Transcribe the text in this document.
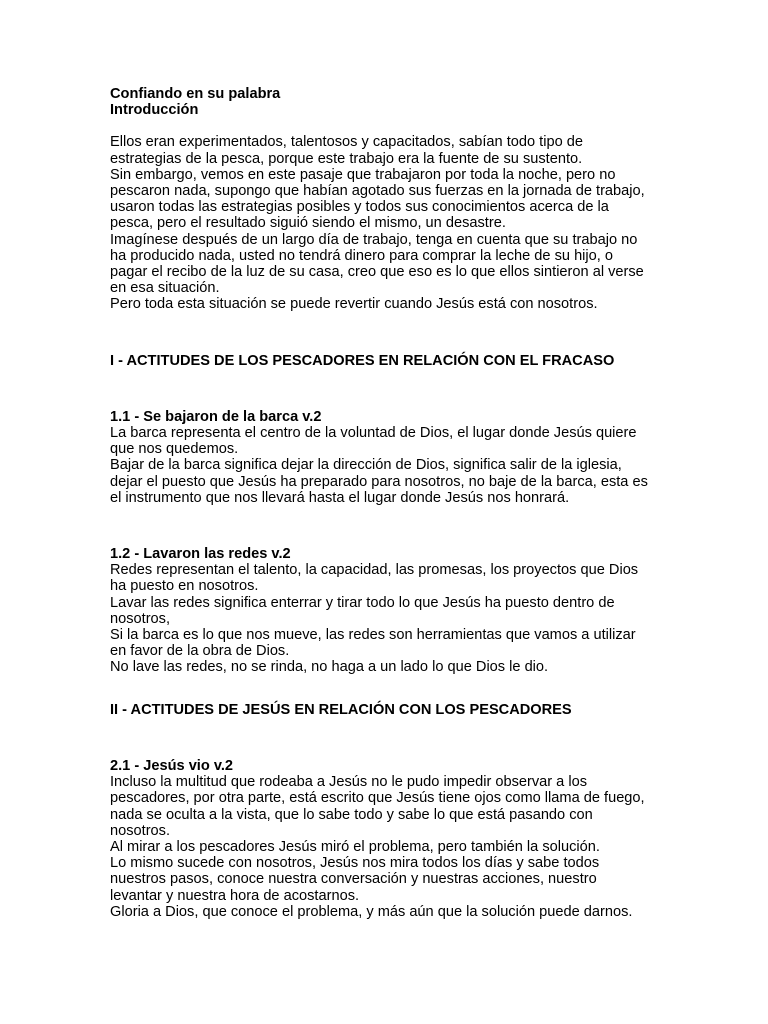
Confiando en su palabra
Introducción
Ellos eran experimentados, talentosos y capacitados, sabían todo tipo de
estrategias de la pesca, porque este trabajo era la fuente de su sustento.
Sin embargo, vemos en este pasaje que trabajaron por toda la noche, pero no
pescaron nada, supongo que habían agotado sus fuerzas en la jornada de trabajo,
usaron todas las estrategias posibles y todos sus conocimientos acerca de la
pesca, pero el resultado siguió siendo el mismo, un desastre.
Imagínese después de un largo día de trabajo, tenga en cuenta que su trabajo no
ha producido nada, usted no tendrá dinero para comprar la leche de su hijo, o
pagar el recibo de la luz de su casa, creo que eso es lo que ellos sintieron al verse
en esa situación.
Pero toda esta situación se puede revertir cuando Jesús está con nosotros.
I - ACTITUDES DE LOS PESCADORES EN RELACIÓN CON EL FRACASO
1.1 - Se bajaron de la barca v.2
La barca representa el centro de la voluntad de Dios, el lugar donde Jesús quiere
que nos quedemos.
Bajar de la barca significa dejar la dirección de Dios, significa salir de la iglesia,
dejar el puesto que Jesús ha preparado para nosotros, no baje de la barca, esta es
el instrumento que nos llevará hasta el lugar donde Jesús nos honrará.
1.2 - Lavaron las redes v.2
Redes representan el talento, la capacidad, las promesas, los proyectos que Dios
ha puesto en nosotros.
Lavar las redes significa enterrar y tirar todo lo que Jesús ha puesto dentro de
nosotros,
Si la barca es lo que nos mueve, las redes son herramientas que vamos a utilizar
en favor de la obra de Dios.
No lave las redes, no se rinda, no haga a un lado lo que Dios le dio.
II - ACTITUDES DE JESÚS EN RELACIÓN CON LOS PESCADORES
2.1 - Jesús vio v.2
Incluso la multitud que rodeaba a Jesús no le pudo impedir observar a los
pescadores, por otra parte, está escrito que Jesús tiene ojos como llama de fuego,
nada se oculta a la vista, que lo sabe todo y sabe lo que está pasando con
nosotros.
Al mirar a los pescadores Jesús miró el problema, pero también la solución.
Lo mismo sucede con nosotros, Jesús nos mira todos los días y sabe todos
nuestros pasos, conoce nuestra conversación y nuestras acciones, nuestro
levantar y nuestra hora de acostarnos.
Gloria a Dios, que conoce el problema, y más aún que la solución puede darnos.
